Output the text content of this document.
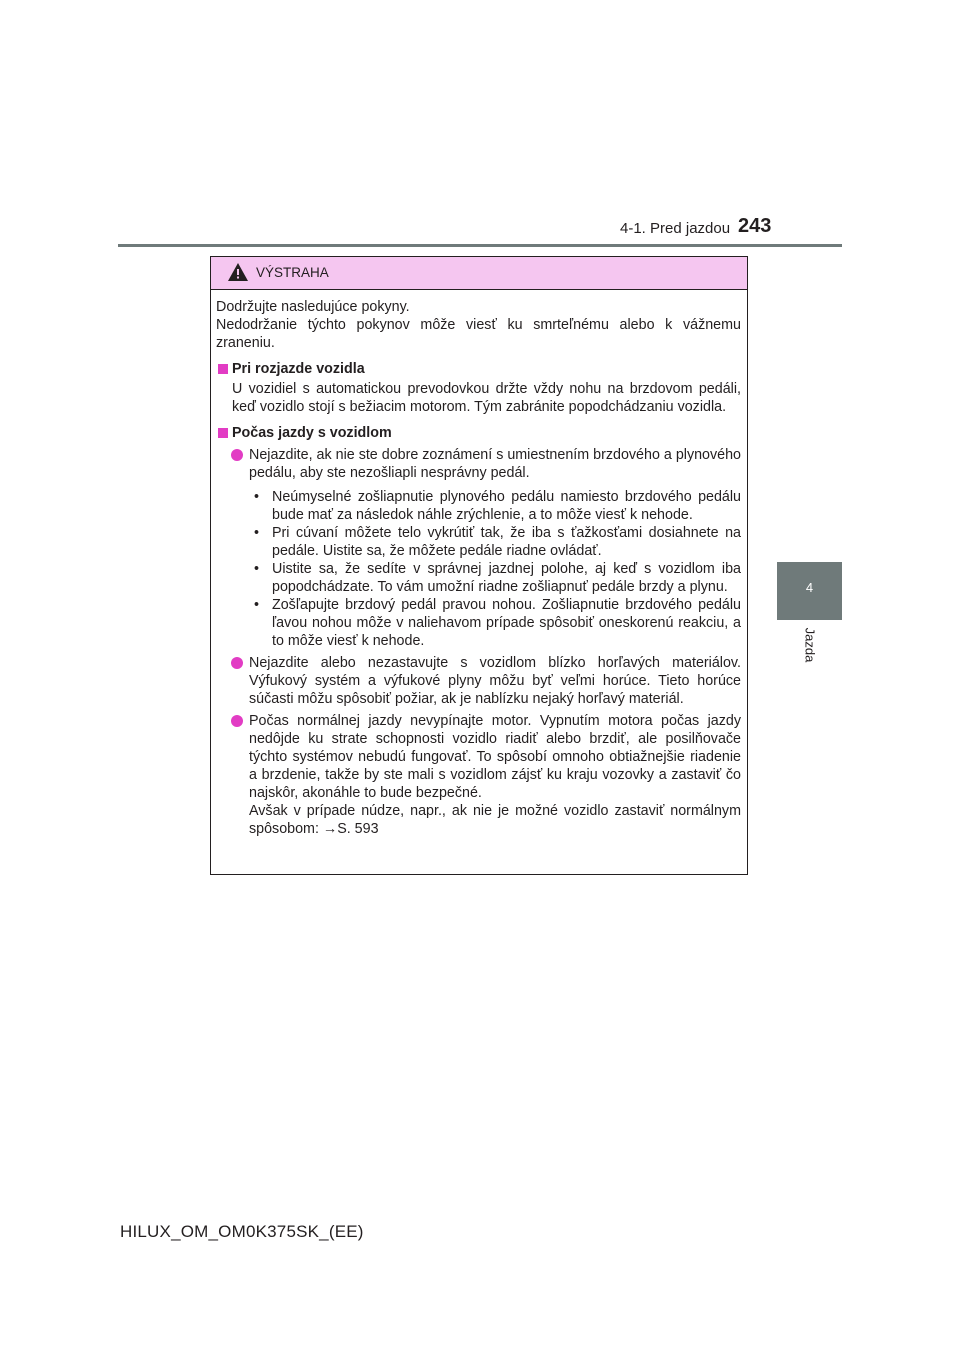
4-1. Pred jazdou 243
4
Jazda
VÝSTRAHA

Dodržujte nasledujúce pokyny.

Nedodržanie týchto pokynov môže viesť ku smrteľnému alebo k vážnemu zraneniu.

Pri rozjazde vozidla
U vozidiel s automatickou prevodovkou držte vždy nohu na brzdovom pedáli, keď vozidlo stojí s bežiacim motorom. Tým zabránite popodchádzaniu vozidla.
Počas jazdy s vozidlom
Nejazdite, ak nie ste dobre zoznámení s umiestnením brzdového a plynového pedálu, aby ste nezošliapli nesprávny pedál.
• Neúmyselné zošliapnutie plynového pedálu namiesto brzdového pedálu bude mať za následok náhle zrýchlenie, a to môže viesť k nehode.
• Pri cúvaní môžete telo vykrútiť tak, že iba s ťažkosťami dosiahnete na pedále. Uistite sa, že môžete pedále riadne ovládať.
• Uistite sa, že sedíte v správnej jazdnej polohe, aj keď s vozidlom iba popodchádzate. To vám umožní riadne zošliapnuť pedále brzdy a plynu.
• Zošľapujte brzdový pedál pravou nohou. Zošliapnutie brzdového pedálu ľavou nohou môže v naliehavom prípade spôsobiť oneskorenú reakciu, a to môže viesť k nehode.
Nejazdite alebo nezastavujte s vozidlom blízko horľavých materiálov. Výfukový systém a výfukové plyny môžu byť veľmi horúce. Tieto horúce súčasti môžu spôsobiť požiar, ak je nablízku nejaký horľavý materiál.
Počas normálnej jazdy nevypínajte motor. Vypnutím motora počas jazdy nedôjde ku strate schopnosti vozidlo riadiť alebo brzdiť, ale posilňovače týchto systémov nebudú fungovať. To spôsobí omnoho obtiažnejšie riadenie a brzdenie, takže by ste mali s vozidlom zájsť ku kraju vozovky a zastaviť čo najskôr, akonáhle to bude bezpečné.
Avšak v prípade núdze, napr., ak nie je možné vozidlo zastaviť normálnym spôsobom: →S. 593
HILUX_OM_OM0K375SK_(EE)
